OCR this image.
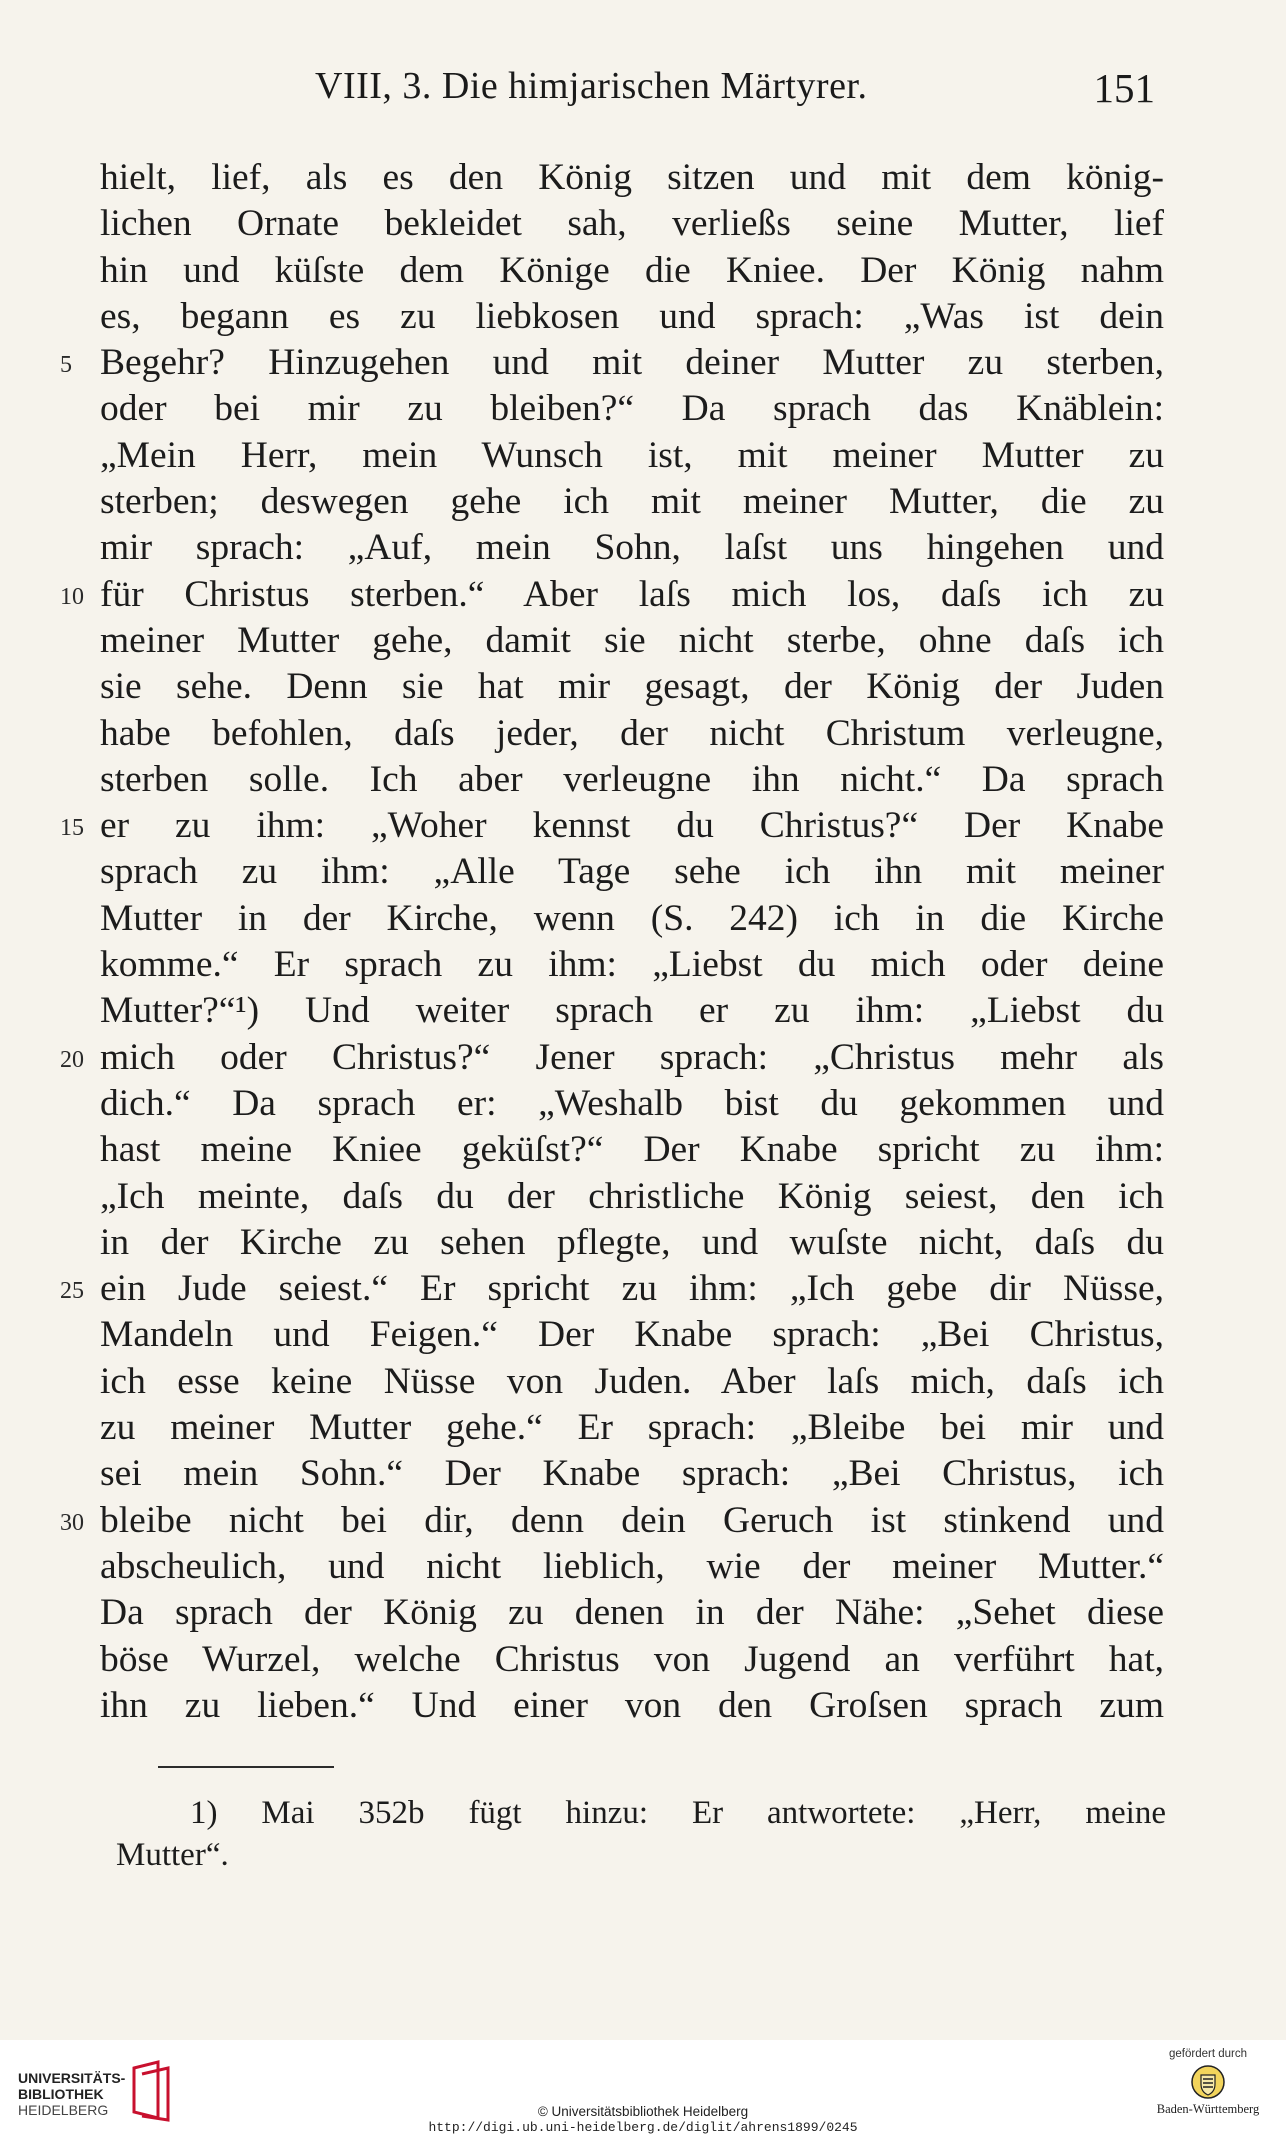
VIII, 3. Die himjarischen Märtyrer.	151
hielt, lief, als es den König sitzen und mit dem könig-
lichen Ornate bekleidet sah, verließs seine Mutter, lief
hin und küſste dem Könige die Kniee. Der König nahm
es, begann es zu liebkosen und sprach: „Was ist dein
Begehr? Hinzugehen und mit deiner Mutter zu sterben,
5
oder bei mir zu bleiben?“ Da sprach das Knäblein:
„Mein Herr, mein Wunsch ist, mit meiner Mutter zu
sterben; deswegen gehe ich mit meiner Mutter, die zu
mir sprach: „Auf, mein Sohn, laſst uns hingehen und
für Christus sterben.“ Aber laſs mich los, daſs ich zu
10
meiner Mutter gehe, damit sie nicht sterbe, ohne daſs ich
sie sehe. Denn sie hat mir gesagt, der König der Juden
habe befohlen, daſs jeder, der nicht Christum verleugne,
sterben solle. Ich aber verleugne ihn nicht.“ Da sprach
er zu ihm: „Woher kennst du Christus?“ Der Knabe
15
sprach zu ihm: „Alle Tage sehe ich ihn mit meiner
Mutter in der Kirche, wenn (S. 242) ich in die Kirche
komme.“ Er sprach zu ihm: „Liebst du mich oder deine
Mutter?“¹) Und weiter sprach er zu ihm: „Liebst du
mich oder Christus?“ Jener sprach: „Christus mehr als
20
dich.“ Da sprach er: „Weshalb bist du gekommen und
hast meine Kniee geküſst?“ Der Knabe spricht zu ihm:
„Ich meinte, daſs du der christliche König seiest, den ich
in der Kirche zu sehen pflegte, und wuſste nicht, daſs du
ein Jude seiest.“ Er spricht zu ihm: „Ich gebe dir Nüsse,
25
Mandeln und Feigen.“ Der Knabe sprach: „Bei Christus,
ich esse keine Nüsse von Juden. Aber laſs mich, daſs ich
zu meiner Mutter gehe.“ Er sprach: „Bleibe bei mir und
sei mein Sohn.“ Der Knabe sprach: „Bei Christus, ich
bleibe nicht bei dir, denn dein Geruch ist stinkend und
30
abscheulich, und nicht lieblich, wie der meiner Mutter.“
Da sprach der König zu denen in der Nähe: „Sehet diese
böse Wurzel, welche Christus von Jugend an verführt hat,
ihn zu lieben.“ Und einer von den Groſsen sprach zum
1) Mai 352b fügt hinzu: Er antwortete: „Herr, meine
Mutter“.
UNIVERSITÄTS-
BIBLIOTHEK
HEIDELBERG	© Universitätsbibliothek Heidelberg
http://digi.ub.uni-heidelberg.de/diglit/ahrens1899/0245
gefördert durch
Baden-Württemberg
